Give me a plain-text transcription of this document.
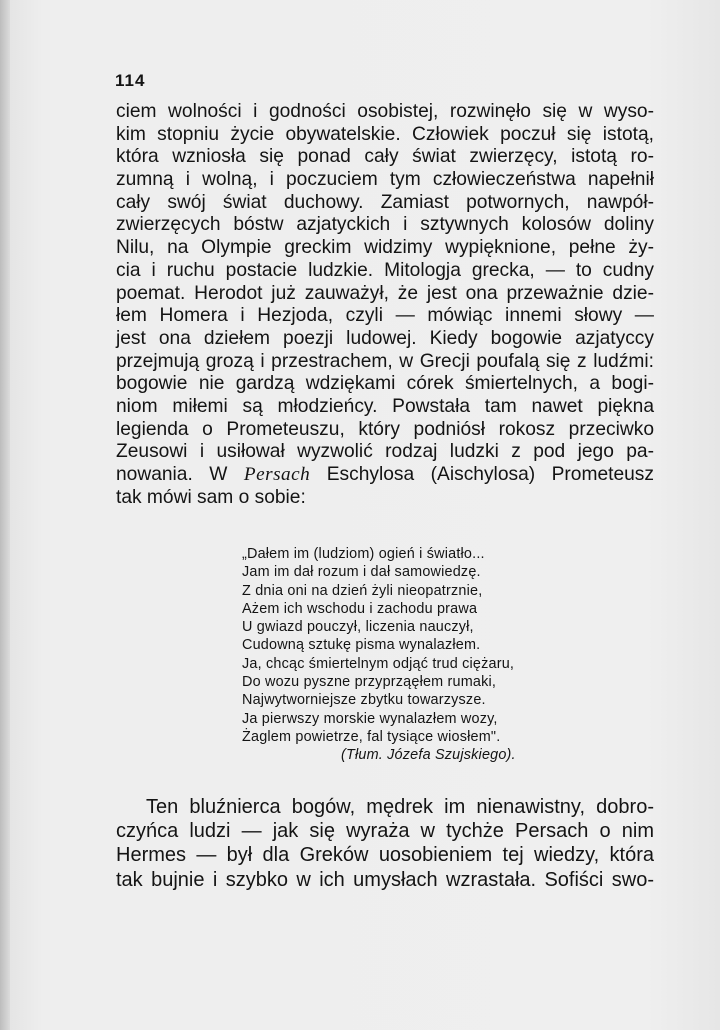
114
ciem wolności i godności osobistej, rozwinęło się w wyso-
kim stopniu życie obywatelskie. Człowiek poczuł się istotą,
która wzniosła się ponad cały świat zwierzęcy, istotą ro-
zumną i wolną, i poczuciem tym człowieczeństwa napełnił
cały swój świat duchowy. Zamiast potwornych, nawpół-
zwierzęcych bóstw azjatyckich i sztywnych kolosów doliny
Nilu, na Olympie greckim widzimy wypięknione, pełne ży-
cia i ruchu postacie ludzkie. Mitologja grecka, — to cudny
poemat. Herodot już zauważył, że jest ona przeważnie dzie-
łem Homera i Hezjoda, czyli — mówiąc innemi słowy —
jest ona dziełem poezji ludowej. Kiedy bogowie azjatyccy
przejmują grozą i przestrachem, w Grecji poufalą się z ludźmi:
bogowie nie gardzą wdziękami córek śmiertelnych, a bogi-
niom miłemi są młodzieńcy. Powstała tam nawet piękna
legienda o Prometeuszu, który podniósł rokosz przeciwko
Zeusowi i usiłował wyzwolić rodzaj ludzki z pod jego pa-
nowania. W Persach Eschylosa (Aischylosa) Prometeusz
tak mówi sam o sobie:
„Dałem im (ludziom) ogień i światło...
Jam im dał rozum i dał samowiedzę.
Z dnia oni na dzień żyli nieopatrznie,
Ażem ich wschodu i zachodu prawa
U gwiazd pouczył, liczenia nauczył,
Cudowną sztukę pisma wynalazłem.
Ja, chcąc śmiertelnym odjąć trud ciężaru,
Do wozu pyszne przyprząęłem rumaki,
Najwytworniejsze zbytku towarzysze.
Ja pierwszy morskie wynalazłem wozy,
Żaglem powietrze, fal tysiące wiosłem".
(Tłum. Józefa Szujskiego).
Ten bluźnierca bogów, mędrek im nienawistny, dobro-
czyńca ludzi — jak się wyraża w tychże Persach o nim
Hermes — był dla Greków uosobieniem tej wiedzy, która
tak bujnie i szybko w ich umysłach wzrastała. Sofiści swo-
